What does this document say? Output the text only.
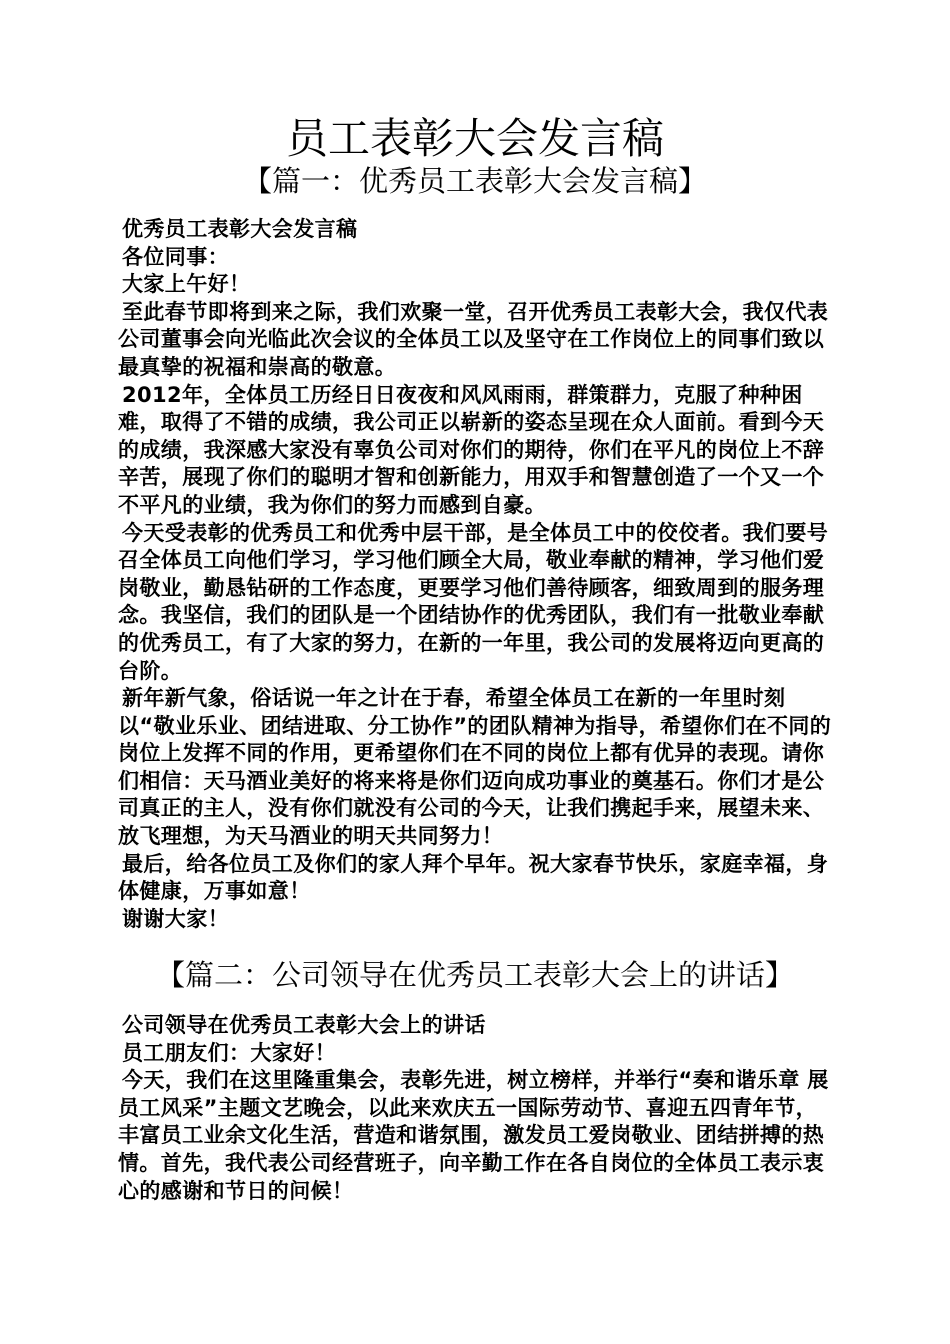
员工表彰大会发言稿
【篇一：优秀员工表彰大会发言稿】

优秀员工表彰大会发言稿

各位同事：

大家上午好！

至此春节即将到来之际，我们欢聚一堂，召开优秀员工表彰大会，我仅代表公司董事会向光临此次会议的全体员工以及坚守在工作岗位上的同事们致以最真挚的祝福和崇高的敬意。

2012年，全体员工历经日日夜夜和风风雨雨，群策群力，克服了种种困难，取得了不错的成绩，我公司正以崭新的姿态呈现在众人面前。看到今天的成绩，我深感大家没有辜负公司对你们的期待，你们在平凡的岗位上不辞辛苦，展现了你们的聪明才智和创新能力，用双手和智慧创造了一个又一个不平凡的业绩，我为你们的努力而感到自豪。

今天受表彰的优秀员工和优秀中层干部，是全体员工中的佼佼者。我们要号召全体员工向他们学习，学习他们顾全大局，敬业奉献的精神，学习他们爱岗敬业，勤恳钻研的工作态度，更要学习他们善待顾客，细致周到的服务理念。我坚信，我们的团队是一个团结协作的优秀团队，我们有一批敬业奉献的优秀员工，有了大家的努力，在新的一年里，我公司的发展将迈向更高的台阶。

新年新气象，俗话说一年之计在于春，希望全体员工在新的一年里时刻以“敬业乐业、团结进取、分工协作”的团队精神为指导，希望你们在不同的岗位上发挥不同的作用，更希望你们在不同的岗位上都有优异的表现。请你们相信：天马酒业美好的将来将是你们迈向成功事业的奠基石。你们才是公司真正的主人，没有你们就没有公司的今天，让我们携起手来，展望未来、放飞理想，为天马酒业的明天共同努力！

最后，给各位员工及你们的家人拜个早年。祝大家春节快乐，家庭幸福，身体健康，万事如意！

谢谢大家！

【篇二：公司领导在优秀员工表彰大会上的讲话】

公司领导在优秀员工表彰大会上的讲话

员工朋友们：大家好！

今天，我们在这里隆重集会，表彰先进，树立榜样，并举行“奏和谐乐章 展员工风采”主题文艺晚会，以此来欢庆五一国际劳动节、喜迎五四青年节，丰富员工业余文化生活，营造和谐氛围，激发员工爱岗敬业、团结拼搏的热情。首先，我代表公司经营班子，向辛勤工作在各自岗位的全体员工表示衷心的感谢和节日的问候！
